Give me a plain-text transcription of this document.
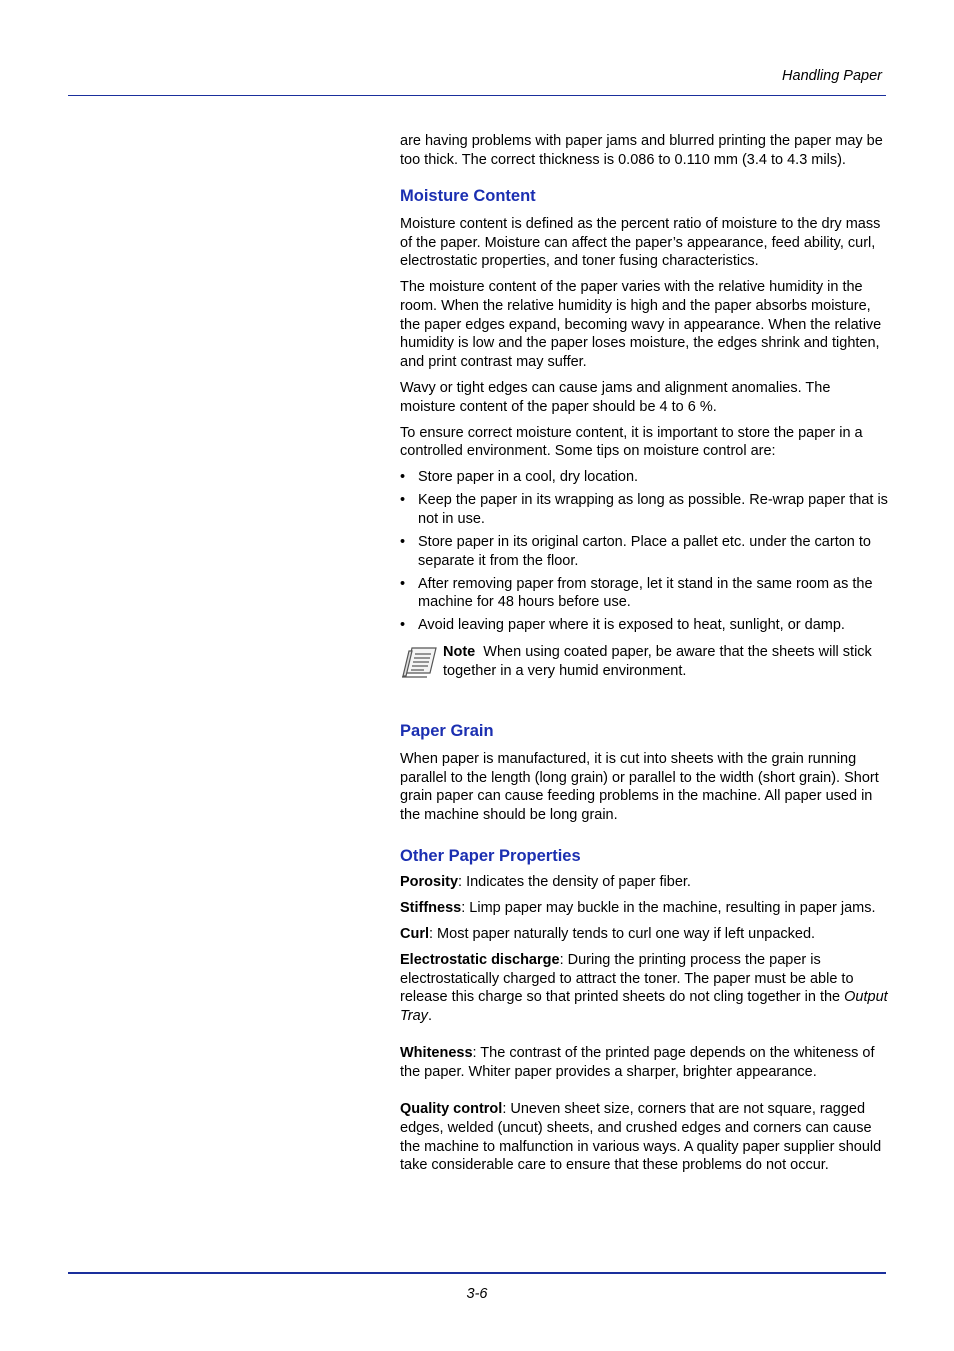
Handling Paper

are having problems with paper jams and blurred printing the paper may be too thick. The correct thickness is 0.086 to 0.110 mm (3.4 to 4.3 mils).

Moisture Content

Moisture content is defined as the percent ratio of moisture to the dry mass of the paper. Moisture can affect the paper’s appearance, feed ability, curl, electrostatic properties, and toner fusing characteristics.

The moisture content of the paper varies with the relative humidity in the room. When the relative humidity is high and the paper absorbs moisture, the paper edges expand, becoming wavy in appearance. When the relative humidity is low and the paper loses moisture, the edges shrink and tighten, and print contrast may suffer.

Wavy or tight edges can cause jams and alignment anomalies. The moisture content of the paper should be 4 to 6 %.

To ensure correct moisture content, it is important to store the paper in a controlled environment. Some tips on moisture control are:

• Store paper in a cool, dry location.
• Keep the paper in its wrapping as long as possible. Re-wrap paper that is not in use.
• Store paper in its original carton. Place a pallet etc. under the carton to separate it from the floor.
• After removing paper from storage, let it stand in the same room as the machine for 48 hours before use.
• Avoid leaving paper where it is exposed to heat, sunlight, or damp.
Note When using coated paper, be aware that the sheets will stick together in a very humid environment.
Paper Grain

When paper is manufactured, it is cut into sheets with the grain running parallel to the length (long grain) or parallel to the width (short grain). Short grain paper can cause feeding problems in the machine. All paper used in the machine should be long grain.

Other Paper Properties

Porosity: Indicates the density of paper fiber.

Stiffness: Limp paper may buckle in the machine, resulting in paper jams.

Curl: Most paper naturally tends to curl one way if left unpacked.

Electrostatic discharge: During the printing process the paper is electrostatically charged to attract the toner. The paper must be able to release this charge so that printed sheets do not cling together in the Output Tray.

Whiteness: The contrast of the printed page depends on the whiteness of the paper. Whiter paper provides a sharper, brighter appearance.

Quality control: Uneven sheet size, corners that are not square, ragged edges, welded (uncut) sheets, and crushed edges and corners can cause the machine to malfunction in various ways. A quality paper supplier should take considerable care to ensure that these problems do not occur.

3-6
